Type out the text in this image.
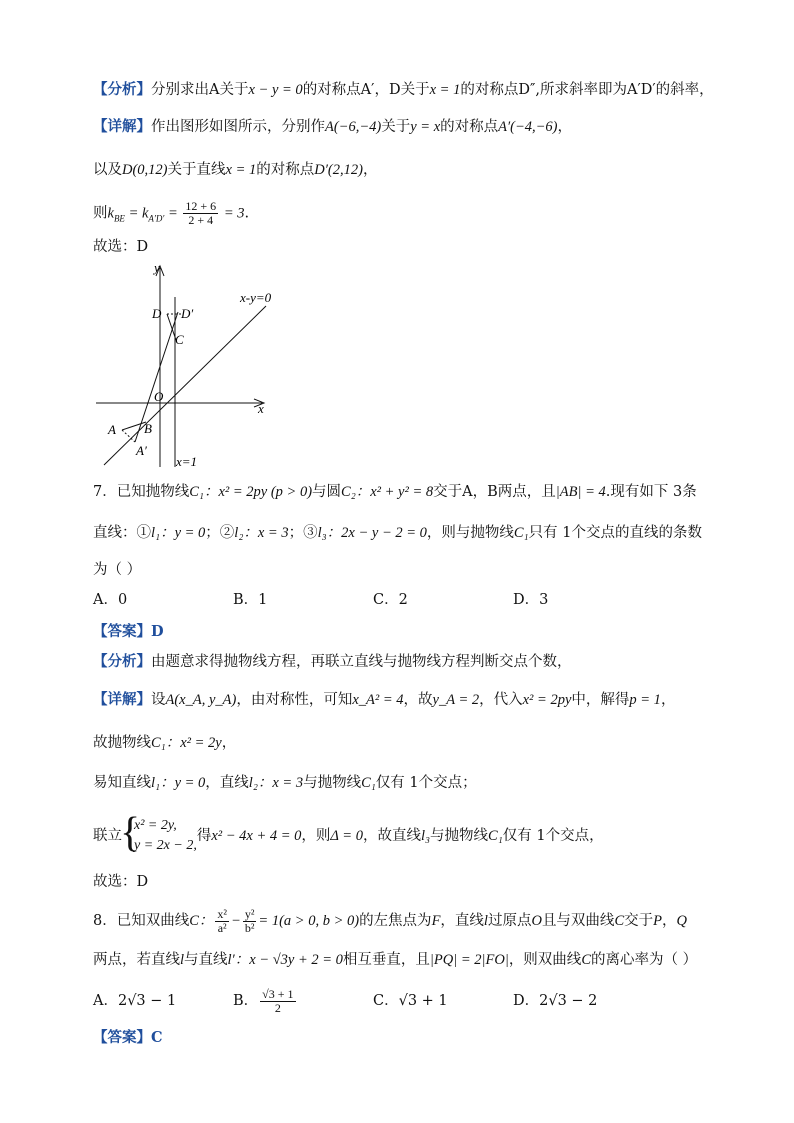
【分析】分别求出A关于x − y = 0的对称点A′，D关于x = 1的对称点D″,所求斜率即为A′D′的斜率，
【详解】作出图形如图所示，分别作A(−6,−4)关于y = x的对称点A′(−4,−6)，
以及D(0,12)关于直线x = 1的对称点D′(2,12)，
则$k_{BE} = k_{A'D'} = \frac{12 + 6}{2 + 4} = 3$.
故选：D
y
x
x-y=0
D D′
C
O
A B
A′
x=1
7．已知抛物线C₁：x² = 2py (p > 0)与圆C₂：x² + y² = 8交于A，B两点，且|AB| = 4.现有如下 3条
直线：①l₁：y = 0；②l₂：x = 3；③l₃：2x − y − 2 = 0，则与抛物线C₁只有 1个交点的直线的条数
为（ ）
A．0	B．1	C．2	D．3
【答案】D
【分析】由题意求得抛物线方程，再联立直线与抛物线方程判断交点个数，
【详解】设A(x_A, y_A)，由对称性，可知x_A² = 4，故y_A = 2，代入x² = 2py中，解得p = 1，
故抛物线C₁：x² = 2y，
易知直线l₁：y = 0，直线l₂：x = 3与抛物线C₁仅有 1个交点；
联立
{ x² = 2y,
y = 2x − 2,
得x² − 4x + 4 = 0，则Δ = 0，故直线l₃与抛物线C₁仅有 1个交点，
故选：D
8．已知双曲线C： $\frac{\text{x²}}{\text{a²}} - \frac{\text{y²}}{\text{b²}} = 1(a > 0$, b > 0)的左焦点为F，直线l过原点O且与双曲线C交于P，Q
两点，若直线l与直线l′：x − √3y + 2 = 0相互垂直，且|PQ| = 2|FO|，则双曲线C的离心率为（ ）
A．2√3 − 1	B． $\frac{√3 + 1}{2}$	C．√3 + 1	D．2√3 − 2
【答案】C
